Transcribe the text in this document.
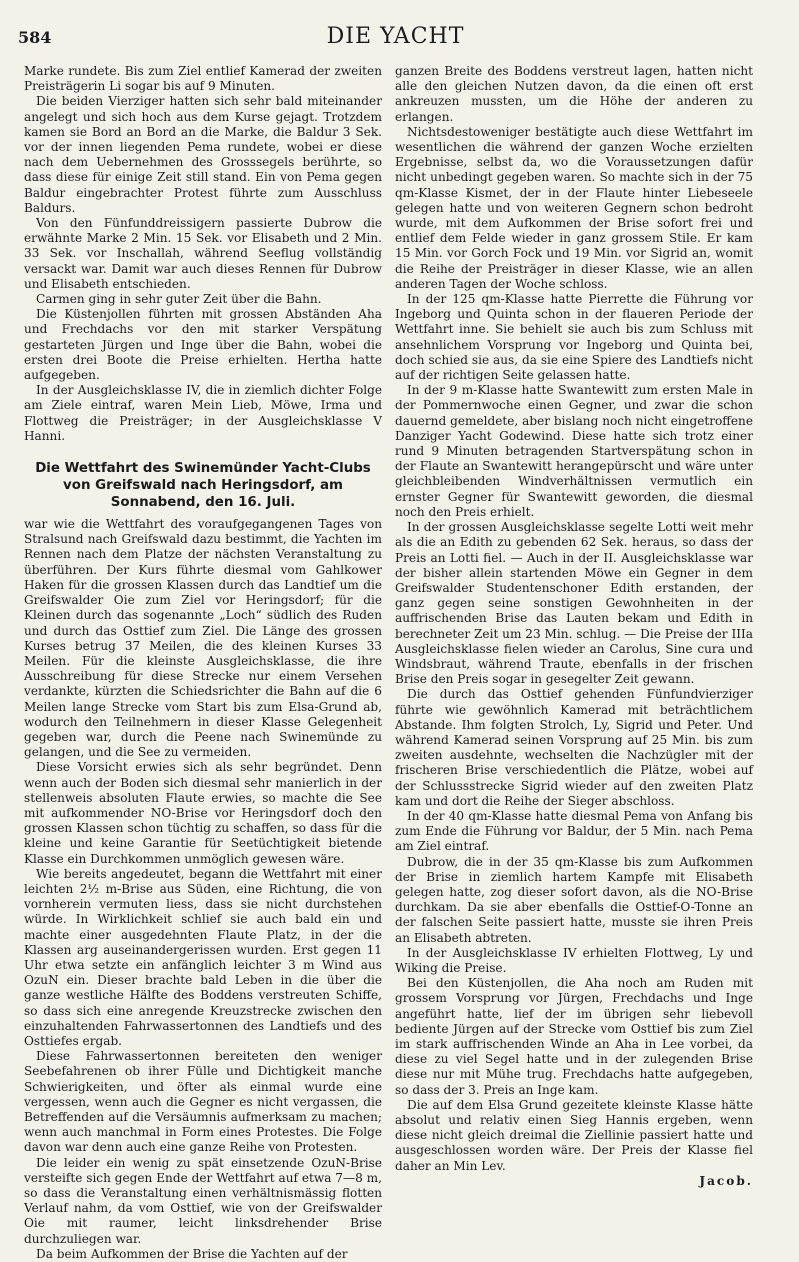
584	DIE YACHT

Marke rundete. Bis zum Ziel entlief Kamerad der zweiten Preisträgerin Li sogar bis auf 9 Minuten.

Die beiden Vierziger hatten sich sehr bald miteinander angelegt und sich hoch aus dem Kurse gejagt. Trotzdem kamen sie Bord an Bord an die Marke, die Baldur 3 Sek. vor der innen liegenden Pema rundete, wobei er diese nach dem Uebernehmen des Grosssegels berührte, so dass diese für einige Zeit still stand. Ein von Pema gegen Baldur eingebrachter Protest führte zum Ausschluss Baldurs.

Von den Fünfunddreissigern passierte Dubrow die erwähnte Marke 2 Min. 15 Sek. vor Elisabeth und 2 Min. 33 Sek. vor Inschallah, während Seeflug vollständig versackt war. Damit war auch dieses Rennen für Dubrow und Elisabeth entschieden.

Carmen ging in sehr guter Zeit über die Bahn.

Die Küstenjollen führten mit grossen Abständen Aha und Frechdachs vor den mit starker Verspätung gestarteten Jürgen und Inge über die Bahn, wobei die ersten drei Boote die Preise erhielten. Hertha hatte aufgegeben.

In der Ausgleichsklasse IV, die in ziemlich dichter Folge am Ziele eintraf, waren Mein Lieb, Möwe, Irma und Flottweg die Preisträger; in der Ausgleichsklasse V Hanni.

Die Wettfahrt des Swinemünder Yacht-Clubs von Greifswald nach Heringsdorf, am Sonnabend, den 16. Juli.

war wie die Wettfahrt des voraufgegangenen Tages von Stralsund nach Greifswald dazu bestimmt, die Yachten im Rennen nach dem Platze der nächsten Veranstaltung zu überführen. Der Kurs führte diesmal vom Gahlkower Haken für die grossen Klassen durch das Landtief um die Greifswalder Oie zum Ziel vor Heringsdorf; für die Kleinen durch das sogenannte „Loch“ südlich des Ruden und durch das Osttief zum Ziel. Die Länge des grossen Kurses betrug 37 Meilen, die des kleinen Kurses 33 Meilen. Für die kleinste Ausgleichsklasse, die ihre Ausschreibung für diese Strecke nur einem Versehen verdankte, kürzten die Schiedsrichter die Bahn auf die 6 Meilen lange Strecke vom Start bis zum Elsa-Grund ab, wodurch den Teilnehmern in dieser Klasse Gelegenheit gegeben war, durch die Peene nach Swinemünde zu gelangen, und die See zu vermeiden.

Diese Vorsicht erwies sich als sehr begründet. Denn wenn auch der Boden sich diesmal sehr manierlich in der stellenweis absoluten Flaute erwies, so machte die See mit aufkommender NO-Brise vor Heringsdorf doch den grossen Klassen schon tüchtig zu schaffen, so dass für die kleine und keine Garantie für Seetüchtigkeit bietende Klasse ein Durchkommen unmöglich gewesen wäre.

Wie bereits angedeutet, begann die Wettfahrt mit einer leichten 2½ m-Brise aus Süden, eine Richtung, die von vornherein vermuten liess, dass sie nicht durchstehen würde. In Wirklichkeit schlief sie auch bald ein und machte einer ausgedehnten Flaute Platz, in der die Klassen arg auseinandergerissen wurden. Erst gegen 11 Uhr etwa setzte ein anfänglich leichter 3 m Wind aus OzuN ein. Dieser brachte bald Leben in die über die ganze westliche Hälfte des Boddens verstreuten Schiffe, so dass sich eine anregende Kreuzstrecke zwischen den einzuhaltenden Fahrwassertonnen des Landtiefs und des Osttiefes ergab.

Diese Fahrwassertonnen bereiteten den weniger Seebefahrenen ob ihrer Fülle und Dichtigkeit manche Schwierigkeiten, und öfter als einmal wurde eine vergessen, wenn auch die Gegner es nicht vergassen, die Betreffenden auf die Versäumnis aufmerksam zu machen; wenn auch manchmal in Form eines Protestes. Die Folge davon war denn auch eine ganze Reihe von Protesten.

Die leider ein wenig zu spät einsetzende OzuN-Brise versteifte sich gegen Ende der Wettfahrt auf etwa 7—8 m, so dass die Veranstaltung einen verhältnismässig flotten Verlauf nahm, da vom Osttief, wie von der Greifswalder Oie mit raumer, leicht linksdrehender Brise durchzuliegen war.

Da beim Aufkommen der Brise die Yachten auf der

ganzen Breite des Boddens verstreut lagen, hatten nicht alle den gleichen Nutzen davon, da die einen oft erst ankreuzen mussten, um die Höhe der anderen zu erlangen.

Nichtsdestoweniger bestätigte auch diese Wettfahrt im wesentlichen die während der ganzen Woche erzielten Ergebnisse, selbst da, wo die Voraussetzungen dafür nicht unbedingt gegeben waren. So machte sich in der 75 qm-Klasse Kismet, der in der Flaute hinter Liebeseele gelegen hatte und von weiteren Gegnern schon bedroht wurde, mit dem Aufkommen der Brise sofort frei und entlief dem Felde wieder in ganz grossem Stile. Er kam 15 Min. vor Gorch Fock und 19 Min. vor Sigrid an, womit die Reihe der Preisträger in dieser Klasse, wie an allen anderen Tagen der Woche schloss.

In der 125 qm-Klasse hatte Pierrette die Führung vor Ingeborg und Quinta schon in der flaueren Periode der Wettfahrt inne. Sie behielt sie auch bis zum Schluss mit ansehnlichem Vorsprung vor Ingeborg und Quinta bei, doch schied sie aus, da sie eine Spiere des Landtiefs nicht auf der richtigen Seite gelassen hatte.

In der 9 m-Klasse hatte Swantewitt zum ersten Male in der Pommernwoche einen Gegner, und zwar die schon dauernd gemeldete, aber bislang noch nicht eingetroffene Danziger Yacht Godewind. Diese hatte sich trotz einer rund 9 Minuten betragenden Startverspätung schon in der Flaute an Swantewitt herangepürscht und wäre unter gleichbleibenden Windverhältnissen vermutlich ein ernster Gegner für Swantewitt geworden, die diesmal noch den Preis erhielt.

In der grossen Ausgleichsklasse segelte Lotti weit mehr als die an Edith zu gebenden 62 Sek. heraus, so dass der Preis an Lotti fiel. — Auch in der II. Ausgleichsklasse war der bisher allein startenden Möwe ein Gegner in dem Greifswalder Studentenschoner Edith erstanden, der ganz gegen seine sonstigen Gewohnheiten in der auffrischenden Brise das Lauten bekam und Edith in berechneter Zeit um 23 Min. schlug. — Die Preise der IIIa Ausgleichsklasse fielen wieder an Carolus, Sine cura und Windsbraut, während Traute, ebenfalls in der frischen Brise den Preis sogar in gesegelter Zeit gewann.

Die durch das Osttief gehenden Fünfundvierziger führte wie gewöhnlich Kamerad mit beträchtlichem Abstande. Ihm folgten Strolch, Ly, Sigrid und Peter. Und während Kamerad seinen Vorsprung auf 25 Min. bis zum zweiten ausdehnte, wechselten die Nachzügler mit der frischeren Brise verschiedentlich die Plätze, wobei auf der Schlussstrecke Sigrid wieder auf den zweiten Platz kam und dort die Reihe der Sieger abschloss.

In der 40 qm-Klasse hatte diesmal Pema von Anfang bis zum Ende die Führung vor Baldur, der 5 Min. nach Pema am Ziel eintraf.

Dubrow, die in der 35 qm-Klasse bis zum Aufkommen der Brise in ziemlich hartem Kampfe mit Elisabeth gelegen hatte, zog dieser sofort davon, als die NO-Brise durchkam. Da sie aber ebenfalls die Osttief-O-Tonne an der falschen Seite passiert hatte, musste sie ihren Preis an Elisabeth abtreten.

In der Ausgleichsklasse IV erhielten Flottweg, Ly und Wiking die Preise.

Bei den Küstenjollen, die Aha noch am Ruden mit grossem Vorsprung vor Jürgen, Frechdachs und Inge angeführt hatte, lief der im übrigen sehr liebevoll bediente Jürgen auf der Strecke vom Osttief bis zum Ziel im stark auffrischenden Winde an Aha in Lee vorbei, da diese zu viel Segel hatte und in der zulegenden Brise diese nur mit Mühe trug. Frechdachs hatte aufgegeben, so dass der 3. Preis an Inge kam.

Die auf dem Elsa Grund gezeitete kleinste Klasse hätte absolut und relativ einen Sieg Hannis ergeben, wenn diese nicht gleich dreimal die Ziellinie passiert hatte und ausgeschlossen worden wäre. Der Preis der Klasse fiel daher an Min Lev.

Jacob.
